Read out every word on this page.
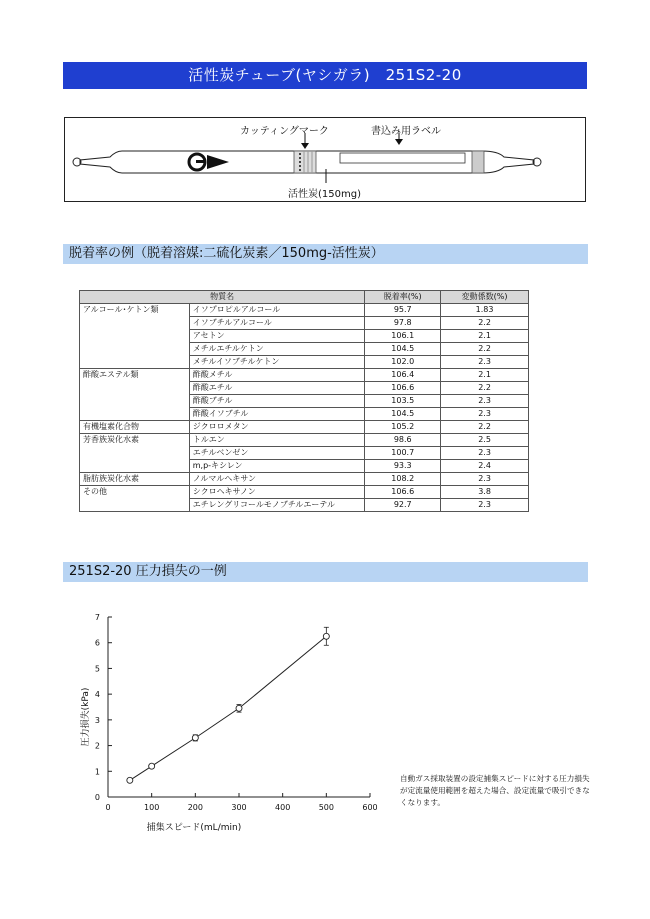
活性炭チューブ(ヤシガラ)　251S2-20
カッティングマーク	書込み用ラベル
活性炭(150mg)
脱着率の例（脱着溶媒:二硫化炭素／150mg-活性炭）
物質名		脱着率(%)	変動係数(%)
アルコール･ケトン類	イソプロピルアルコール	95.7	1.83
	イソブチルアルコール	97.8	2.2
	アセトン	106.1	2.1
	メチルエチルケトン	104.5	2.2
	メチルイソブチルケトン	102.0	2.3
酢酸エステル類	酢酸メチル	106.4	2.1
	酢酸エチル	106.6	2.2
	酢酸ブチル	103.5	2.3
	酢酸イソブチル	104.5	2.3
有機塩素化合物	ジクロロメタン	105.2	2.2
芳香族炭化水素	トルエン	98.6	2.5
	エチルベンゼン	100.7	2.3
	m,p-キシレン	93.3	2.4
脂肪族炭化水素	ノルマルヘキサン	108.2	2.3
その他	シクロヘキサノン	106.6	3.8
	エチレングリコールモノブチルエーテル	92.7	2.3
251S2-20 圧力損失の一例
0
1
2
3
4
5
6
7
0	100	200	300	400	500	600
捕集スピード(mL/min)
圧力損失(kPa)
自動ガス採取装置の設定捕集スピードに対する圧力損失が定流量使用範囲を超えた場合、設定流量で吸引できなくなります。
